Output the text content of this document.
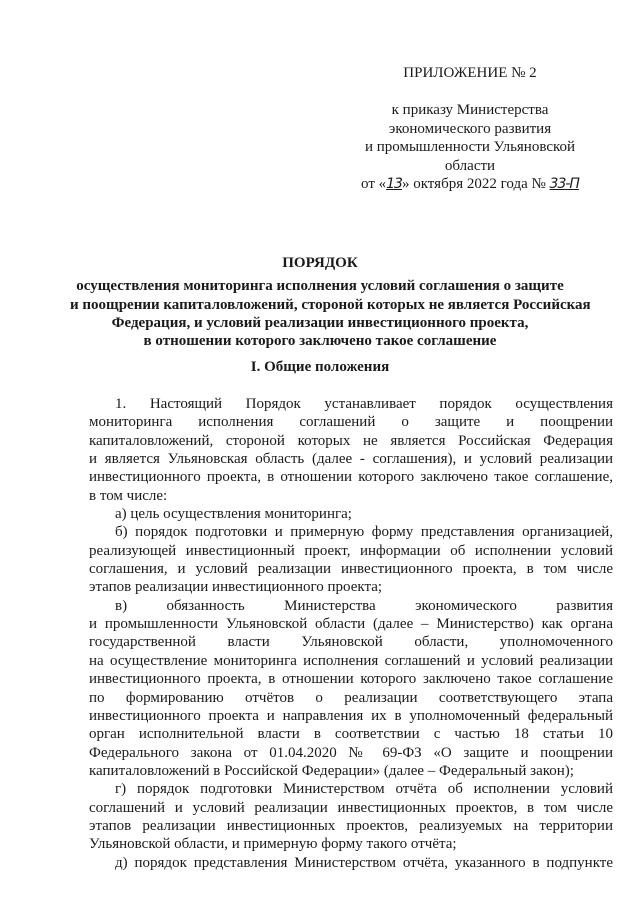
ПРИЛОЖЕНИЕ № 2
к приказу Министерства
экономического развития
и промышленности Ульяновской
области
от «13» октября 2022 года № 33-П
ПОРЯДОК
осуществления мониторинга исполнения условий соглашения о защите
и поощрении капиталовложений, стороной которых не является Российская
Федерация, и условий реализации инвестиционного проекта,
в отношении которого заключено такое соглашение
I. Общие положения
1. Настоящий Порядок устанавливает порядок осуществления
мониторинга исполнения соглашений о защите и поощрении
капиталовложений, стороной которых не является Российская Федерация
и является Ульяновская область (далее - соглашения), и условий реализации
инвестиционного проекта, в отношении которого заключено такое соглашение,
в том числе:
а) цель осуществления мониторинга;
б) порядок подготовки и примерную форму представления организацией,
реализующей инвестиционный проект, информации об исполнении условий
соглашения, и условий реализации инвестиционного проекта, в том числе
этапов реализации инвестиционного проекта;
в) обязанность Министерства экономического развития
и промышленности Ульяновской области (далее – Министерство) как органа
государственной власти Ульяновской области, уполномоченного
на осуществление мониторинга исполнения соглашений и условий реализации
инвестиционного проекта, в отношении которого заключено такое соглашение
по формированию отчётов о реализации соответствующего этапа
инвестиционного проекта и направления их в уполномоченный федеральный
орган исполнительной власти в соответствии с частью 18 статьи 10
Федерального закона от 01.04.2020 № 69-ФЗ «О защите и поощрении
капиталовложений в Российской Федерации» (далее – Федеральный закон);
г) порядок подготовки Министерством отчёта об исполнении условий
соглашений и условий реализации инвестиционных проектов, в том числе
этапов реализации инвестиционных проектов, реализуемых на территории
Ульяновской области, и примерную форму такого отчёта;
д) порядок представления Министерством отчёта, указанного в подпункте
